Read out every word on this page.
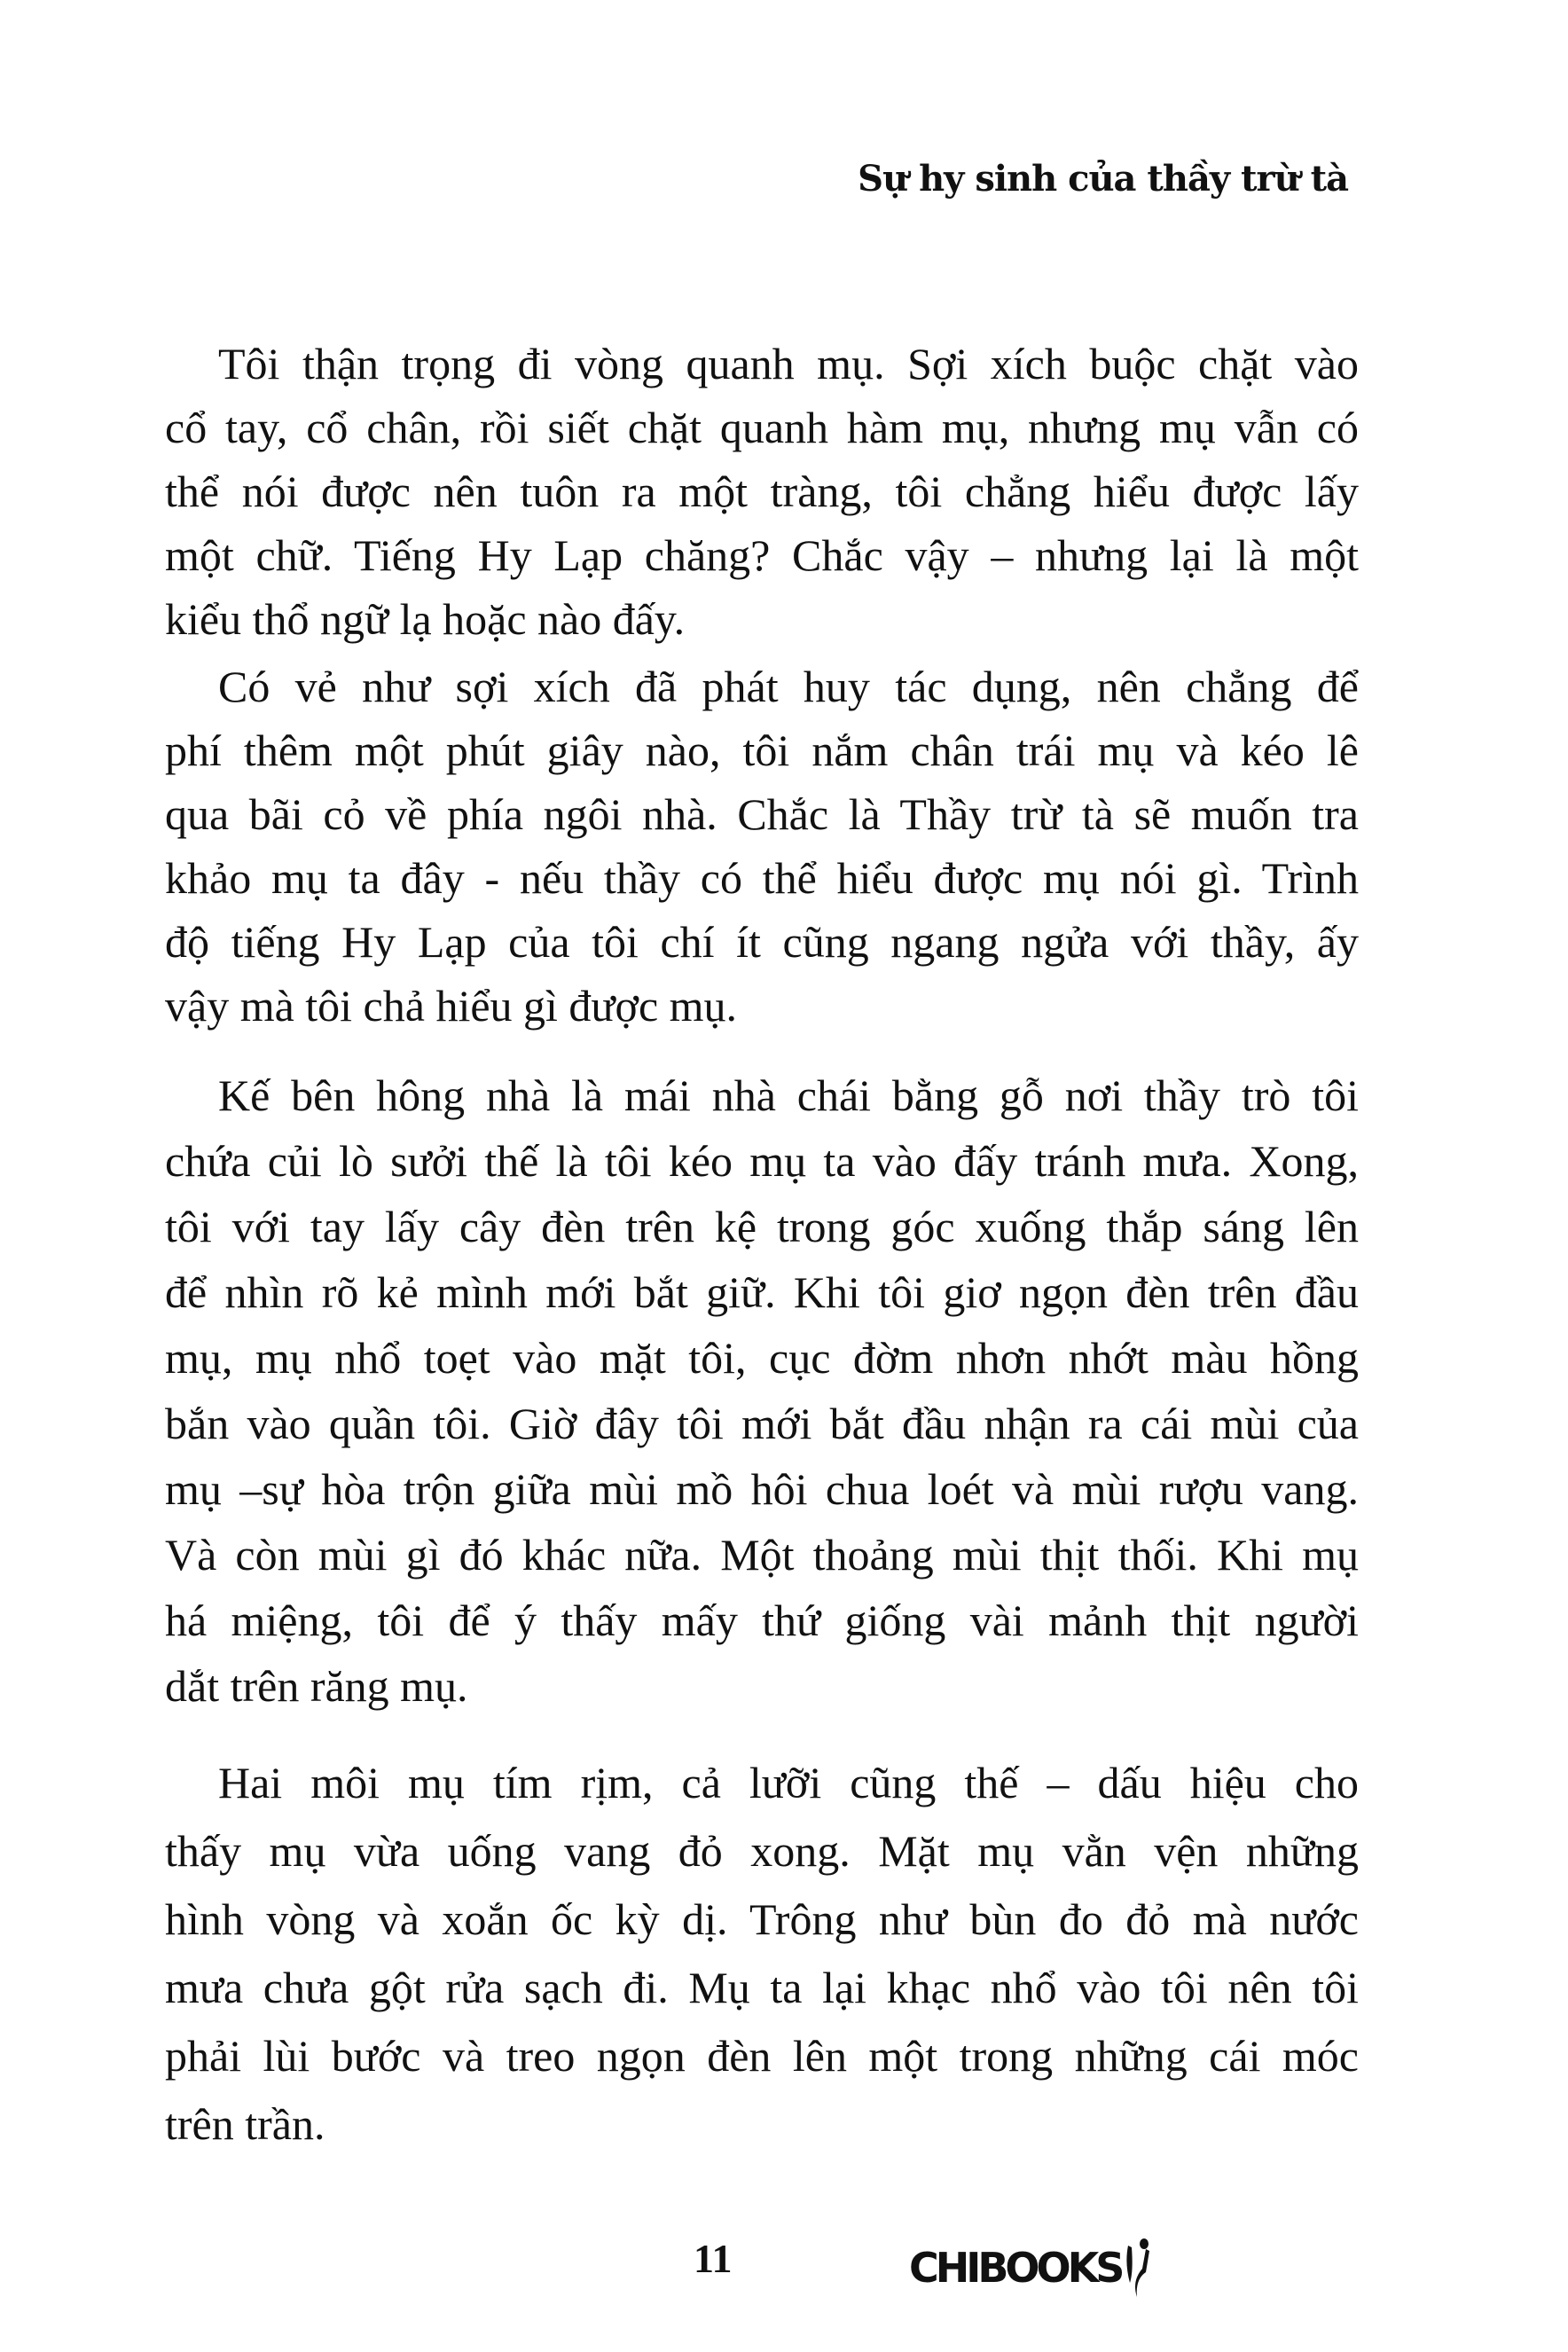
Sự hy sinh của thầy trừ tà
Tôi thận trọng đi vòng quanh mụ. Sợi xích buộc chặt vào
cổ tay, cổ chân, rồi siết chặt quanh hàm mụ, nhưng mụ vẫn có
thể nói được nên tuôn ra một tràng, tôi chẳng hiểu được lấy
một chữ. Tiếng Hy Lạp chăng? Chắc vậy – nhưng lại là một
kiểu thổ ngữ lạ hoặc nào đấy.
Có vẻ như sợi xích đã phát huy tác dụng, nên chẳng để
phí thêm một phút giây nào, tôi nắm chân trái mụ và kéo lê
qua bãi cỏ về phía ngôi nhà. Chắc là Thầy trừ tà sẽ muốn tra
khảo mụ ta đây - nếu thầy có thể hiểu được mụ nói gì. Trình
độ tiếng Hy Lạp của tôi chí ít cũng ngang ngửa với thầy, ấy
vậy mà tôi chả hiểu gì được mụ.
Kế bên hông nhà là mái nhà chái bằng gỗ nơi thầy trò tôi
chứa củi lò sưởi thế là tôi kéo mụ ta vào đấy tránh mưa. Xong,
tôi với tay lấy cây đèn trên kệ trong góc xuống thắp sáng lên
để nhìn rõ kẻ mình mới bắt giữ. Khi tôi giơ ngọn đèn trên đầu
mụ, mụ nhổ toẹt vào mặt tôi, cục đờm nhơn nhớt màu hồng
bắn vào quần tôi. Giờ đây tôi mới bắt đầu nhận ra cái mùi của
mụ –sự hòa trộn giữa mùi mồ hôi chua loét và mùi rượu vang.
Và còn mùi gì đó khác nữa. Một thoảng mùi thịt thối. Khi mụ
há miệng, tôi để ý thấy mấy thứ giống vài mảnh thịt người
dắt trên răng mụ.
Hai môi mụ tím rịm, cả lưỡi cũng thế – dấu hiệu cho
thấy mụ vừa uống vang đỏ xong. Mặt mụ vằn vện những
hình vòng và xoắn ốc kỳ dị. Trông như bùn đo đỏ mà nước
mưa chưa gột rửa sạch đi. Mụ ta lại khạc nhổ vào tôi nên tôi
phải lùi bước và treo ngọn đèn lên một trong những cái móc
trên trần.
11	CHIBOOKS
